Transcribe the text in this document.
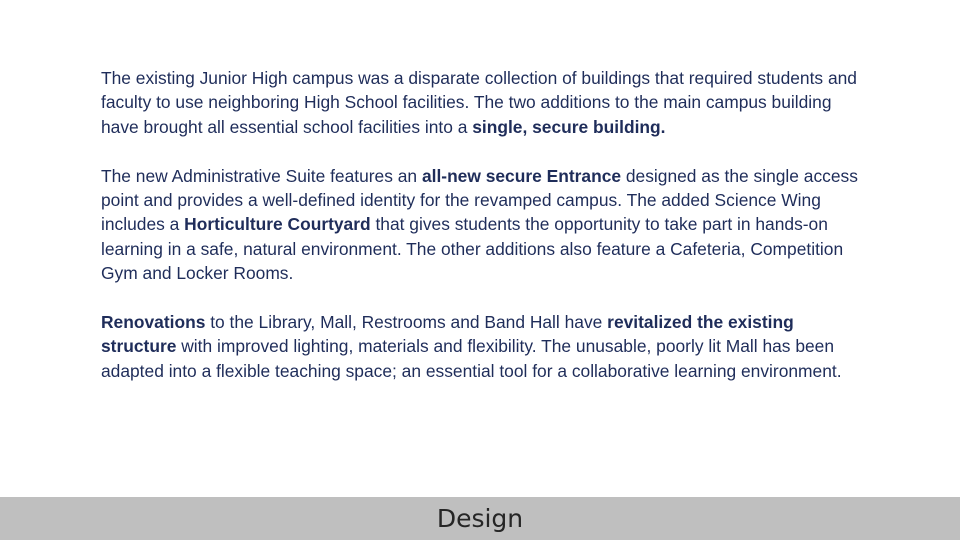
The existing Junior High campus was a disparate collection of buildings that required students and faculty to use neighboring High School facilities. The two additions to the main campus building have brought all essential school facilities into a single, secure building.

The new Administrative Suite features an all-new secure Entrance designed as the single access point and provides a well-defined identity for the revamped campus. The added Science Wing includes a Horticulture Courtyard that gives students the opportunity to take part in hands-on learning in a safe, natural environment. The other additions also feature a Cafeteria, Competition Gym and Locker Rooms.

Renovations to the Library, Mall, Restrooms and Band Hall have revitalized the existing structure with improved lighting, materials and flexibility. The unusable, poorly lit Mall has been adapted into a flexible teaching space; an essential tool for a collaborative learning environment.

Design
